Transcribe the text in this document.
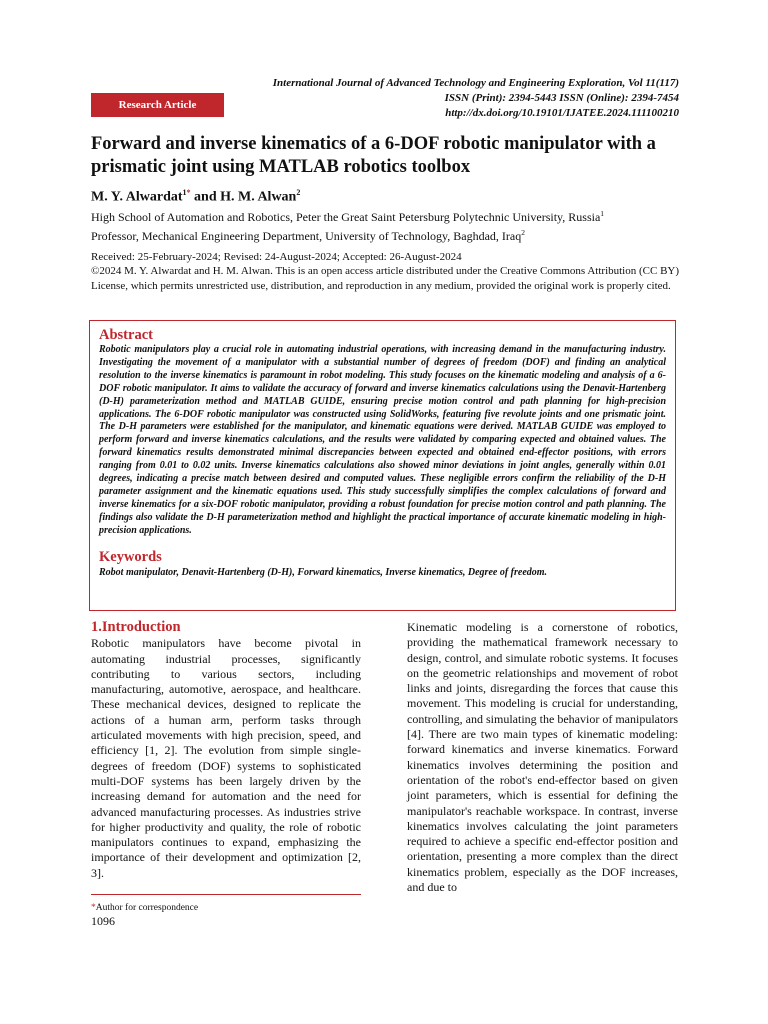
International Journal of Advanced Technology and Engineering Exploration, Vol 11(117)
ISSN (Print): 2394-5443 ISSN (Online): 2394-7454
http://dx.doi.org/10.19101/IJATEE.2024.111100210
Research Article
Forward and inverse kinematics of a 6-DOF robotic manipulator with a prismatic joint using MATLAB robotics toolbox
M. Y. Alwardat$^{1*}$ and H. M. Alwan$^2$
High School of Automation and Robotics, Peter the Great Saint Petersburg Polytechnic University, Russia$^1$
Professor, Mechanical Engineering Department, University of Technology, Baghdad, Iraq$^2$
Received: 25-February-2024; Revised: 24-August-2024; Accepted: 26-August-2024
©2024 M. Y. Alwardat and H. M. Alwan. This is an open access article distributed under the Creative Commons Attribution (CC BY) License, which permits unrestricted use, distribution, and reproduction in any medium, provided the original work is properly cited.
Abstract

Robotic manipulators play a crucial role in automating industrial operations, with increasing demand in the manufacturing industry. Investigating the movement of a manipulator with a substantial number of degrees of freedom (DOF) and finding an analytical resolution to the inverse kinematics is paramount in robot modeling. This study focuses on the kinematic modeling and analysis of a 6-DOF robotic manipulator. It aims to validate the accuracy of forward and inverse kinematics calculations using the Denavit-Hartenberg (D-H) parameterization method and MATLAB GUIDE, ensuring precise motion control and path planning for high-precision applications. The 6-DOF robotic manipulator was constructed using SolidWorks, featuring five revolute joints and one prismatic joint. The D-H parameters were established for the manipulator, and kinematic equations were derived. MATLAB GUIDE was employed to perform forward and inverse kinematics calculations, and the results were validated by comparing expected and obtained values. The forward kinematics results demonstrated minimal discrepancies between expected and obtained end-effector positions, with errors ranging from 0.01 to 0.02 units. Inverse kinematics calculations also showed minor deviations in joint angles, generally within 0.01 degrees, indicating a precise match between desired and computed values. These negligible errors confirm the reliability of the D-H parameter assignment and the kinematic equations used. This study successfully simplifies the complex calculations of forward and inverse kinematics for a six-DOF robotic manipulator, providing a robust foundation for precise motion control and path planning. The findings also validate the D-H parameterization method and highlight the practical importance of accurate kinematic modeling in high-precision applications.

Keywords
Robot manipulator, Denavit-Hartenberg (D-H), Forward kinematics, Inverse kinematics, Degree of freedom.
1.Introduction

Robotic manipulators have become pivotal in automating industrial processes, significantly contributing to various sectors, including manufacturing, automotive, aerospace, and healthcare. These mechanical devices, designed to replicate the actions of a human arm, perform tasks through articulated movements with high precision, speed, and efficiency [1, 2]. The evolution from simple single-degrees of freedom (DOF) systems to sophisticated multi-DOF systems has been largely driven by the increasing demand for automation and the need for advanced manufacturing processes. As industries strive for higher productivity and quality, the role of robotic manipulators continues to expand, emphasizing the importance of their development and optimization [2, 3].

Kinematic modeling is a cornerstone of robotics, providing the mathematical framework necessary to design, control, and simulate robotic systems. It focuses on the geometric relationships and movement of robot links and joints, disregarding the forces that cause this movement. This modeling is crucial for understanding, controlling, and simulating the behavior of manipulators [4]. There are two main types of kinematic modeling: forward kinematics and inverse kinematics. Forward kinematics involves determining the position and orientation of the robot's end-effector based on given joint parameters, which is essential for defining the manipulator's reachable workspace. In contrast, inverse kinematics involves calculating the joint parameters required to achieve a specific end-effector position and orientation, presenting a more complex than the direct kinematics problem, especially as the DOF increases, and due to

*Author for correspondence
1096
